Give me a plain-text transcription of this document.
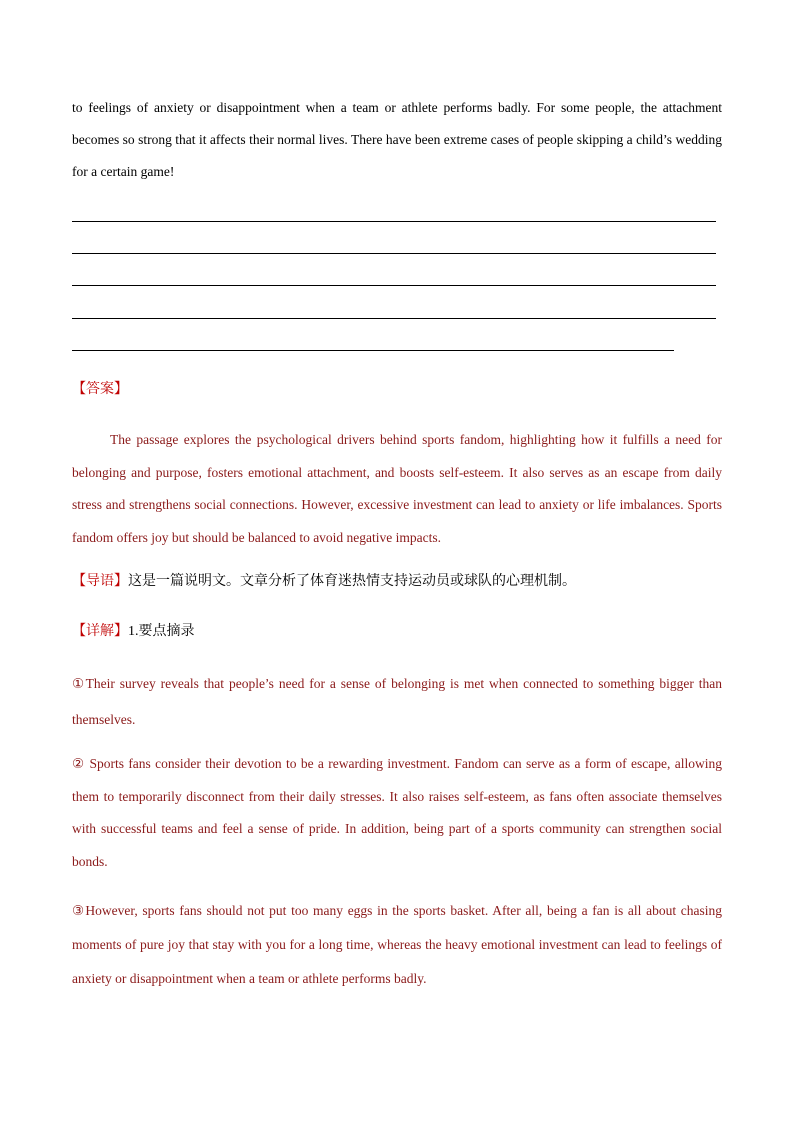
to feelings of anxiety or disappointment when a team or athlete performs badly. For some people, the attachment becomes so strong that it affects their normal lives. There have been extreme cases of people skipping a child’s wedding for a certain game!
【答案】
The passage explores the psychological drivers behind sports fandom, highlighting how it fulfills a need for belonging and purpose, fosters emotional attachment, and boosts self-esteem. It also serves as an escape from daily stress and strengthens social connections. However, excessive investment can lead to anxiety or life imbalances. Sports fandom offers joy but should be balanced to avoid negative impacts.
【导语】这是一篇说明文。文章分析了体育迷热情支持运动员或球队的心理机制。
【详解】1.要点摘录
①Their survey reveals that people’s need for a sense of belonging is met when connected to something bigger than themselves.
② Sports fans consider their devotion to be a rewarding investment. Fandom can serve as a form of escape, allowing them to temporarily disconnect from their daily stresses. It also raises self-esteem, as fans often associate themselves with successful teams and feel a sense of pride. In addition, being part of a sports community can strengthen social bonds.
③However, sports fans should not put too many eggs in the sports basket. After all, being a fan is all about chasing moments of pure joy that stay with you for a long time, whereas the heavy emotional investment can lead to feelings of anxiety or disappointment when a team or athlete performs badly.
